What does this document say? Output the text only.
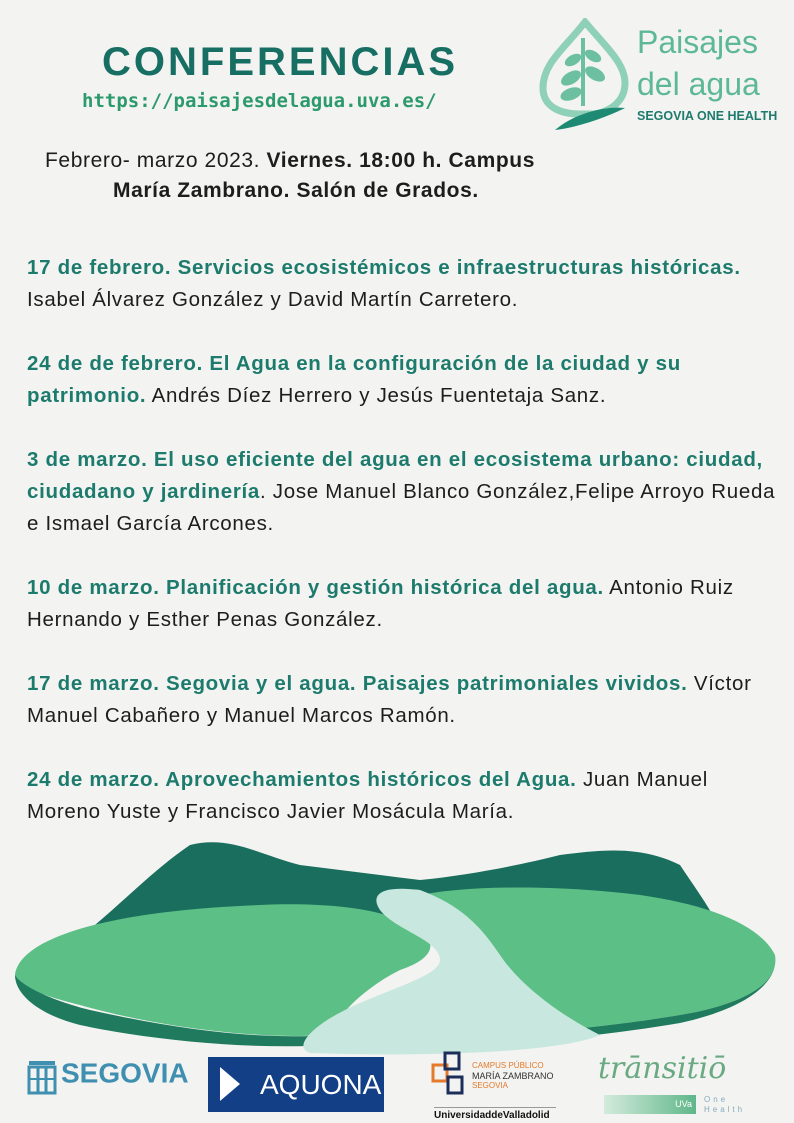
CONFERENCIAS
https://paisajesdelagua.uva.es/
Paisajes
del agua
SEGOVIA ONE HEALTH
Febrero- marzo 2023. Viernes. 18:00 h. Campus
María Zambrano. Salón de Grados.
17 de febrero. Servicios ecosistémicos e infraestructuras históricas. Isabel Álvarez González y David Martín Carretero.
24 de de febrero. El Agua en la configuración de la ciudad y su patrimonio. Andrés Díez Herrero y Jesús Fuentetaja Sanz.
3 de marzo. El uso eficiente del agua en el ecosistema urbano: ciudad, ciudadano y jardinería. Jose Manuel Blanco González,Felipe Arroyo Rueda e Ismael García Arcones.
10 de marzo. Planificación y gestión histórica del agua. Antonio Ruiz Hernando y Esther Penas González.
17 de marzo. Segovia y el agua. Paisajes patrimoniales vividos. Víctor Manuel Cabañero y Manuel Marcos Ramón.
24 de marzo. Aprovechamientos históricos del Agua. Juan Manuel Moreno Yuste y Francisco Javier Mosácula María.
SEGOVIA	AQUONA
CAMPUS PÚBLICO
MARÍA ZAMBRANO
SEGOVIA
UniversidaddeValladolid
trānsitiō
UVa	One Health
